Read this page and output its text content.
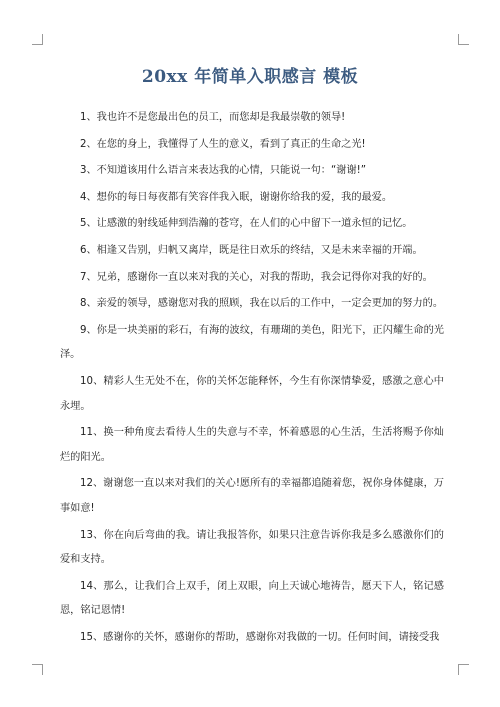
20xx 年简单入职感言 模板

1、我也许不是您最出色的员工，而您却是我最崇敬的领导!

2、在您的身上，我懂得了人生的意义，看到了真正的生命之光!

3、不知道该用什么语言来表达我的心情，只能说一句：“谢谢!”

4、想你的每日每夜都有笑容伴我入眠，谢谢你给我的爱，我的最爱。

5、让感激的射线延伸到浩瀚的苍穹，在人们的心中留下一道永恒的记忆。

6、相逢又告别，归帆又离岸，既是往日欢乐的终结，又是未来幸福的开端。

7、兄弟，感谢你一直以来对我的关心，对我的帮助，我会记得你对我的好的。

8、亲爱的领导，感谢您对我的照顾，我在以后的工作中，一定会更加的努力的。

9、你是一块美丽的彩石，有海的波纹，有珊瑚的美色，阳光下，正闪耀生命的光泽。

10、精彩人生无处不在，你的关怀怎能释怀，今生有你深情挚爱，感激之意心中永埋。

11、换一种角度去看待人生的失意与不幸，怀着感恩的心生活，生活将赐予你灿烂的阳光。

12、谢谢您一直以来对我们的关心!愿所有的幸福都追随着您，祝你身体健康，万事如意!

13、你在向后弯曲的我。请让我报答你，如果只注意告诉你我是多么感激你们的爱和支持。

14、那么，让我们合上双手，闭上双眼，向上天诚心地祷告，愿天下人，铭记感恩，铭记恩情!

15、感谢你的关怀，感谢你的帮助，感谢你对我做的一切。任何时间，请接受我
